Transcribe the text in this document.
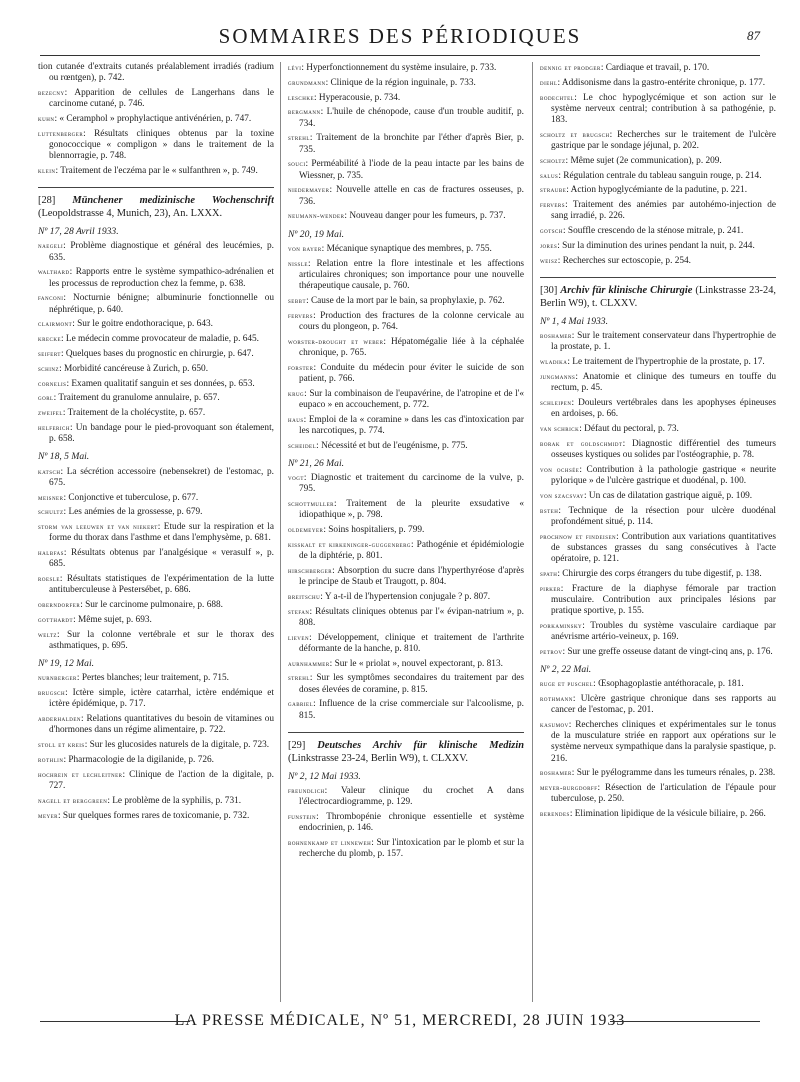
SOMMAIRES DES PÉRIODIQUES	87
tion cutanée d'extraits cutanés préalablement irradiés (radium ou rœntgen), p. 742.
bezecny: Apparition de cellules de Langerhans dans le carcinome cutané, p. 746.
kuhn: « Ceramphol » prophylactique antivénérien, p. 747.
luttenberger: Résultats cliniques obtenus par la toxine gonococcique « compligon » dans le traitement de la blennorragie, p. 748.
klein: Traitement de l'eczéma par le « sulfanthren », p. 749.
[28] Münchener medizinische Wochenschrift (Leopoldstrasse 4, Munich, 23), An. LXXX.
Nº 17, 28 Avril 1933.
naegeli: Problème diagnostique et général des leucémies, p. 635.
walthard: Rapports entre le système sympathico-adrénalien et les processus de reproduction chez la femme, p. 638.
fanconi: Nocturnie bénigne; albuminurie fonctionnelle ou néphrétique, p. 640.
clairmont: Sur le goitre endothoracique, p. 643.
krecke: Le médecin comme provocateur de maladie, p. 645.
seifert: Quelques bases du prognostic en chirurgie, p. 647.
schinz: Morbidité cancéreuse à Zurich, p. 650.
cornelis: Examen qualitatif sanguin et ses données, p. 653.
gorl: Traitement du granulome annulaire, p. 657.
zweifel: Traitement de la cholécystite, p. 657.
helferich: Un bandage pour le pied-provoquant son étalement, p. 658.
Nº 18, 5 Mai.
katsch: La sécrétion accessoire (nebensekret) de l'estomac, p. 675.
meisner: Conjonctive et tuberculose, p. 677.
schultz: Les anémies de la grossesse, p. 679.
storm van leeuwen et van niekert: Etude sur la respiration et la forme du thorax dans l'asthme et dans l'emphysème, p. 681.
halbfas: Résultats obtenus par l'analgésique « verasulf », p. 685.
roesle: Résultats statistiques de l'expérimentation de la lutte antituberculeuse à Pestersébet, p. 686.
oberndorfer: Sur le carcinome pulmonaire, p. 688.
gotthardt: Même sujet, p. 693.
weltz: Sur la colonne vertébrale et sur le thorax des asthmatiques, p. 695.
Nº 19, 12 Mai.
nurnberger: Pertes blanches; leur traitement, p. 715.
brugsch: Ictère simple, ictère catarrhal, ictère endémique et ictère épidémique, p. 717.
abderhalden: Relations quantitatives du besoin de vitamines ou d'hormones dans un régime alimentaire, p. 722.
stoll et kreis: Sur les glucosides naturels de la digitale, p. 723.
rothlin: Pharmacologie de la digilanide, p. 726.
hochrein et lechleitner: Clinique de l'action de la digitale, p. 727.
nagell et berggreen: Le problème de la syphilis, p. 731.
meyer: Sur quelques formes rares de toxicomanie, p. 732.
lévi: Hyperfonctionnement du système insulaire, p. 733.
grundmann: Clinique de la région inguinale, p. 733.
leschke: Hyperacousie, p. 734.
bergmann: L'huile de chénopode, cause d'un trouble auditif, p. 734.
strehl: Traitement de la bronchite par l'éther d'après Bier, p. 735.
souci: Perméabilité à l'iode de la peau intacte par les bains de Wiessner, p. 735.
niedermayer: Nouvelle attelle en cas de fractures osseuses, p. 736.
neumann-wender: Nouveau danger pour les fumeurs, p. 737.
Nº 20, 19 Mai.
von bayer: Mécanique synaptique des membres, p. 755.
nissle: Relation entre la flore intestinale et les affections articulaires chroniques; son importance pour une nouvelle thérapeutique causale, p. 760.
sebbt: Cause de la mort par le bain, sa prophylaxie, p. 762.
fervers: Production des fractures de la colonne cervicale au cours du plongeon, p. 764.
worster-drought et weber: Hépatomégalie liée à la céphalée chronique, p. 765.
forster: Conduite du médecin pour éviter le suicide de son patient, p. 766.
krug: Sur la combinaison de l'eupavérine, de l'atropine et de l'« eupaco » en accouchement, p. 772.
haus: Emploi de la « coramine » dans les cas d'intoxication par les narcotiques, p. 774.
scheidel: Nécessité et but de l'eugénisme, p. 775.
Nº 21, 26 Mai.
vogt: Diagnostic et traitement du carcinome de la vulve, p. 795.
schottmuller: Traitement de la pleurite exsudative « idiopathique », p. 798.
oldemeyer: Soins hospitaliers, p. 799.
kisskalt et kirkeninger-guggenberg: Pathogénie et épidémiologie de la diphtérie, p. 801.
hirschberger: Absorption du sucre dans l'hyperthyréose d'après le principe de Staub et Traugott, p. 804.
breitschu: Y a-t-il de l'hypertension conjugale ? p. 807.
stefan: Résultats cliniques obtenus par l'« évipan-natrium », p. 808.
lieven: Développement, clinique et traitement de l'arthrite déformante de la hanche, p. 810.
aurnhammer: Sur le « priolat », nouvel expectorant, p. 813.
strehl: Sur les symptômes secondaires du traitement par des doses élevées de coramine, p. 815.
gabriel: Influence de la crise commerciale sur l'alcoolisme, p. 815.
[29] Deutsches Archiv für klinische Medizin (Linkstrasse 23-24, Berlin W9), t. CLXXV.
Nº 2, 12 Mai 1933.
freundlich: Valeur clinique du crochet A dans l'électrocardiogramme, p. 129.
funstein: Thrombopénie chronique essentielle et système endocrinien, p. 146.
bohnenkamp et linneweh: Sur l'intoxication par le plomb et sur la recherche du plomb, p. 157.
dennig et prodger: Cardiaque et travail, p. 170.
diehl: Addisonisme dans la gastro-entérite chronique, p. 177.
bodechtel: Le choc hypoglycémique et son action sur le système nerveux central; contribution à sa pathogénie, p. 183.
scholtz et brugsch: Recherches sur le traitement de l'ulcère gastrique par le sondage jéjunal, p. 202.
scholtz: Même sujet (2e communication), p. 209.
salus: Régulation centrale du tableau sanguin rouge, p. 214.
straube: Action hypoglycémiante de la padutine, p. 221.
fervers: Traitement des anémies par autohémo-injection de sang irradié, p. 226.
gotsch: Souffle crescendo de la sténose mitrale, p. 241.
jores: Sur la diminution des urines pendant la nuit, p. 244.
weisz: Recherches sur ectoscopie, p. 254.
[30] Archiv für klinische Chirurgie (Linkstrasse 23-24, Berlin W9), t. CLXXV.
Nº 1, 4 Mai 1933.
boshamer: Sur le traitement conservateur dans l'hypertrophie de la prostate, p. 1.
wladika: Le traitement de l'hypertrophie de la prostate, p. 17.
jungmanns: Anatomie et clinique des tumeurs en touffe du rectum, p. 45.
schleipen: Douleurs vertébrales dans les apophyses épineuses en ardoises, p. 66.
van schrick: Défaut du pectoral, p. 73.
borak et goldschmidt: Diagnostic différentiel des tumeurs osseuses kystiques ou solides par l'ostéographie, p. 78.
von ochsée: Contribution à la pathologie gastrique « neurite pylorique » de l'ulcère gastrique et duodénal, p. 100.
von szacsvay: Un cas de dilatation gastrique aiguë, p. 109.
bsteh: Technique de la résection pour ulcère duodénal profondément situé, p. 114.
prochnow et findeisen: Contribution aux variations quantitatives de substances grasses du sang consécutives à l'acte opératoire, p. 121.
spath: Chirurgie des corps étrangers du tube digestif, p. 138.
pirker: Fracture de la diaphyse fémorale par traction musculaire. Contribution aux principales lésions par pratique sportive, p. 155.
porkaminsky: Troubles du système vasculaire cardiaque par anévrisme artério-veineux, p. 169.
petrov: Sur une greffe osseuse datant de vingt-cinq ans, p. 176.
Nº 2, 22 Mai.
ruge et puschel: Œsophagoplastie antéthoracale, p. 181.
rothmann: Ulcère gastrique chronique dans ses rapports au cancer de l'estomac, p. 201.
kasumov: Recherches cliniques et expérimentales sur le tonus de la musculature striée en rapport aux opérations sur le système nerveux sympathique dans la paralysie spastique, p. 216.
boshamer: Sur le pyélogramme dans les tumeurs rénales, p. 238.
meyer-burgdorff: Résection de l'articulation de l'épaule pour tuberculose, p. 250.
berendes: Elimination lipidique de la vésicule biliaire, p. 266.
LA PRESSE MÉDICALE, Nº 51, MERCREDI, 28 JUIN 1933
